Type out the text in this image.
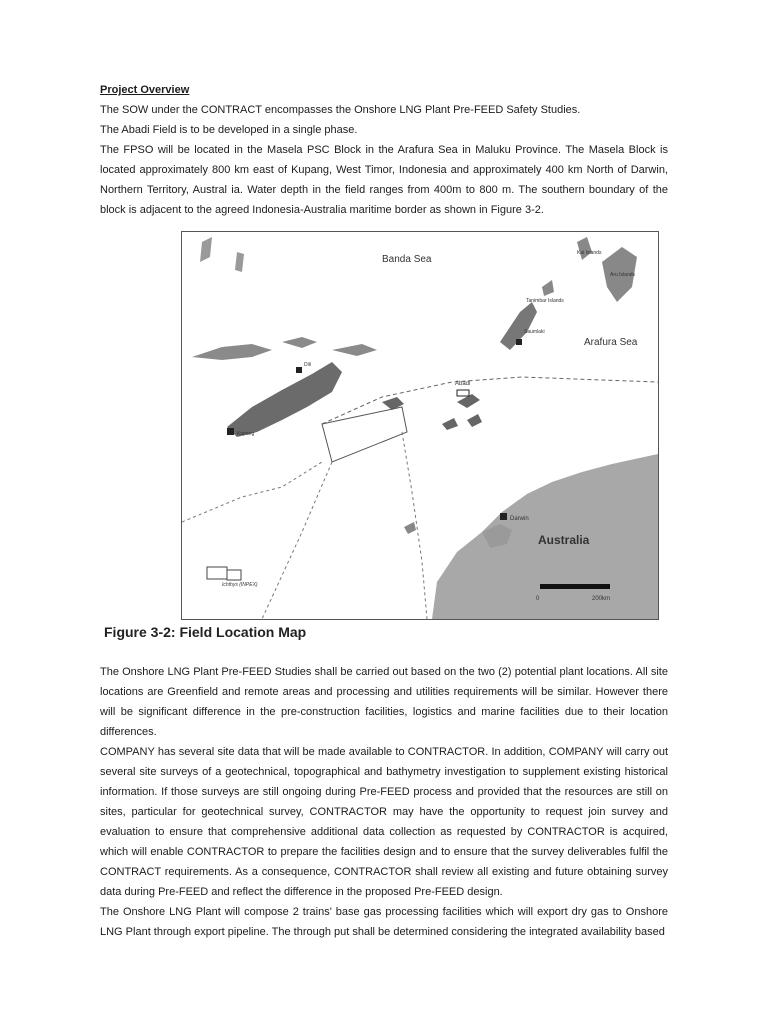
Project Overview

The SOW under the CONTRACT encompasses the Onshore LNG Plant Pre-FEED Safety Studies.

The Abadi Field is to be developed in a single phase.

The FPSO will be located in the Masela PSC Block in the Arafura Sea in Maluku Province. The Masela Block is located approximately 800 km east of Kupang, West Timor, Indonesia and approximately 400 km North of Darwin, Northern Territory, Austral ia. Water depth in the field ranges from 400m to 800 m. The southern boundary of the block is adjacent to the agreed Indonesia-Australia maritime border as shown in Figure 3-2.

Banda Sea
Arafura Sea
Australia
Kai Islands
Aru Islands
Tanimbar Islands
Saumlaki
Abadi
Darwin
Dili
Kupang
Ichthys (INPEX)
0	200km
Figure 3-2: Field Location Map

The Onshore LNG Plant Pre-FEED Studies shall be carried out based on the two (2) potential plant locations. All site locations are Greenfield and remote areas and processing and utilities requirements will be similar. However there will be significant difference in the pre-construction facilities, logistics and marine facilities due to their location differences.

COMPANY has several site data that will be made available to CONTRACTOR. In addition, COMPANY will carry out several site surveys of a geotechnical, topographical and bathymetry investigation to supplement existing historical information. If those surveys are still ongoing during Pre-FEED process and provided that the resources are still on sites, particular for geotechnical survey, CONTRACTOR may have the opportunity to request join survey and evaluation to ensure that comprehensive additional data collection as requested by CONTRACTOR is acquired, which will enable CONTRACTOR to prepare the facilities design and to ensure that the survey deliverables fulfil the CONTRACT requirements. As a consequence, CONTRACTOR shall review all existing and future obtaining survey data during Pre-FEED and reflect the difference in the proposed Pre-FEED design.

The Onshore LNG Plant will compose 2 trains' base gas processing facilities which will export dry gas to Onshore LNG Plant through export pipeline. The through put shall be determined considering the integrated availability based
